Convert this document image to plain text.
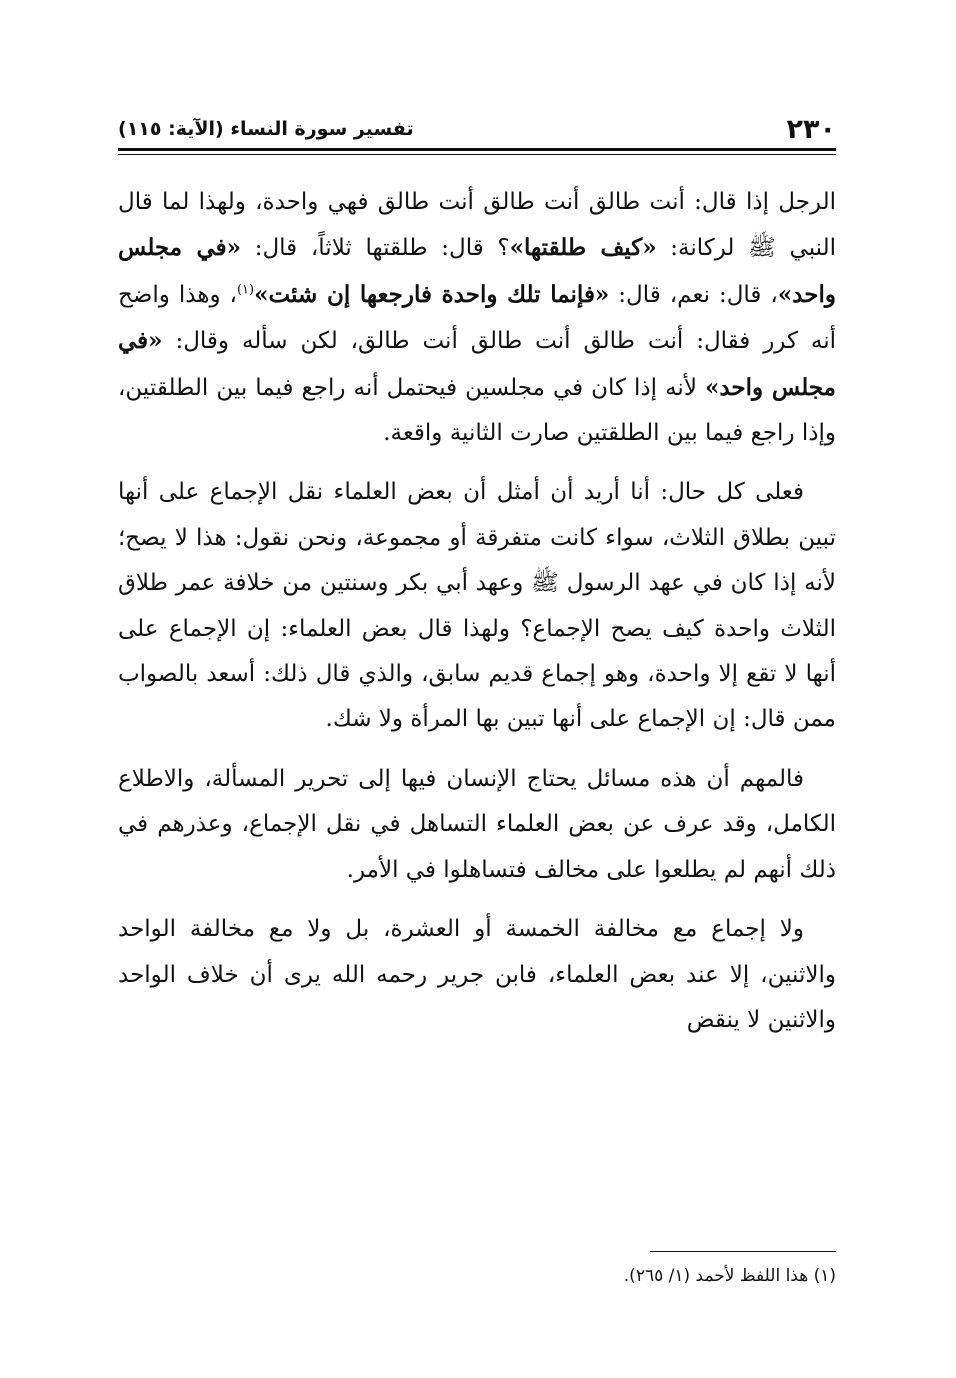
٢٣٠
تفسير سورة النساء (الآية: ١١٥)

الرجل إذا قال: أنت طالق أنت طالق أنت طالق فهي واحدة، ولهذا لما قال النبي ﷺ لركانة: «كيف طلقتها»؟ قال: طلقتها ثلاثاً، قال: «في مجلس واحد»، قال: نعم، قال: «فإنما تلك واحدة فارجعها إن شئت»$^{(١)}$، وهذا واضح أنه كرر فقال: أنت طالق أنت طالق أنت طالق، لكن سأله وقال: «في مجلس واحد» لأنه إذا كان في مجلسين فيحتمل أنه راجع فيما بين الطلقتين، وإذا راجع فيما بين الطلقتين صارت الثانية واقعة.

فعلى كل حال: أنا أريد أن أمثل أن بعض العلماء نقل الإجماع على أنها تبين بطلاق الثلاث، سواء كانت متفرقة أو مجموعة، ونحن نقول: هذا لا يصح؛ لأنه إذا كان في عهد الرسول ﷺ وعهد أبي بكر وسنتين من خلافة عمر طلاق الثلاث واحدة كيف يصح الإجماع؟ ولهذا قال بعض العلماء: إن الإجماع على أنها لا تقع إلا واحدة، وهو إجماع قديم سابق، والذي قال ذلك: أسعد بالصواب ممن قال: إن الإجماع على أنها تبين بها المرأة ولا شك.

فالمهم أن هذه مسائل يحتاج الإنسان فيها إلى تحرير المسألة، والاطلاع الكامل، وقد عرف عن بعض العلماء التساهل في نقل الإجماع، وعذرهم في ذلك أنهم لم يطلعوا على مخالف فتساهلوا في الأمر.

ولا إجماع مع مخالفة الخمسة أو العشرة، بل ولا مع مخالفة الواحد والاثنين، إلا عند بعض العلماء، فابن جرير رحمه الله يرى أن خلاف الواحد والاثنين لا ينقض

(١) هذا اللفظ لأحمد (١/ ٢٦٥).
